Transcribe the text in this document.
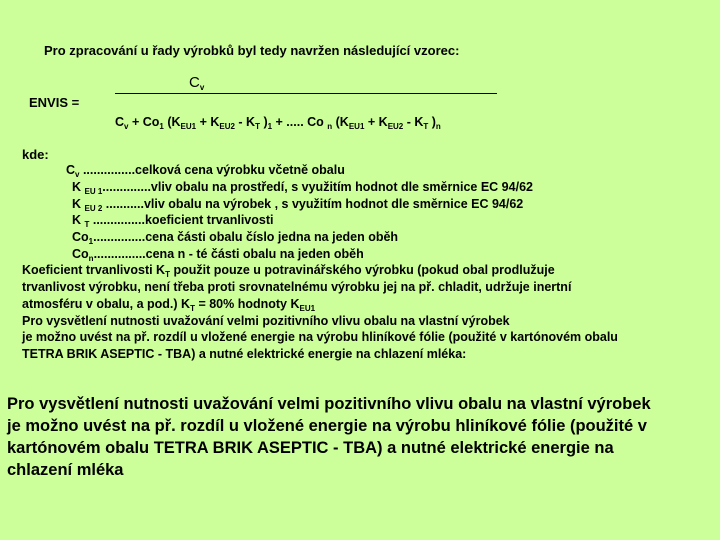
Pro zpracování u řady výrobků byl tedy navržen následující vzorec:
ENVIS =
$C_v$
$C_v + Co_1$ ($K_{EU1} + K_{EU2} - K_T$ )$_1$ + ..... Co $_n$ ($K_{EU1} + K_{EU2} - K_T$ )$_n$
kde:
$C_v$ ...............celková cena výrobku včetně obalu
K $_{EU 1}$..............vliv obalu na prostředí, s využitím hodnot dle směrnice EC 94/62
K $_{EU 2}$ ...........vliv obalu na výrobek , s využitím hodnot dle směrnice EC 94/62
K $_T$ ...............koeficient trvanlivosti
$Co_1...............cena$ části obalu číslo jedna na jeden oběh
$Co_n...............cena$ n - té části obalu na jeden oběh
Koeficient trvanlivosti $K_T$ použit pouze u potravinářského výrobku (pokud obal prodlužuje
trvanlivost výrobku, není třeba proti srovnatelnému výrobku jej na př. chladit, udržuje inertní
atmosféru v obalu, a pod.) $K_T = 80\%$ hodnoty $K_{EU1}$
Pro vysvětlení nutnosti uvažování velmi pozitivního vlivu obalu na vlastní výrobek
je možno uvést na př. rozdíl u vložené energie na výrobu hliníkové fólie (použité v kartónovém obalu
TETRA BRIK ASEPTIC - TBA) a nutné elektrické energie na chlazení mléka:
Pro vysvětlení nutnosti uvažování velmi pozitivního vlivu obalu na vlastní výrobek
je možno uvést na př. rozdíl u vložené energie na výrobu hliníkové fólie (použité v
kartónovém obalu TETRA BRIK ASEPTIC - TBA) a nutné elektrické energie na
chlazení mléka
